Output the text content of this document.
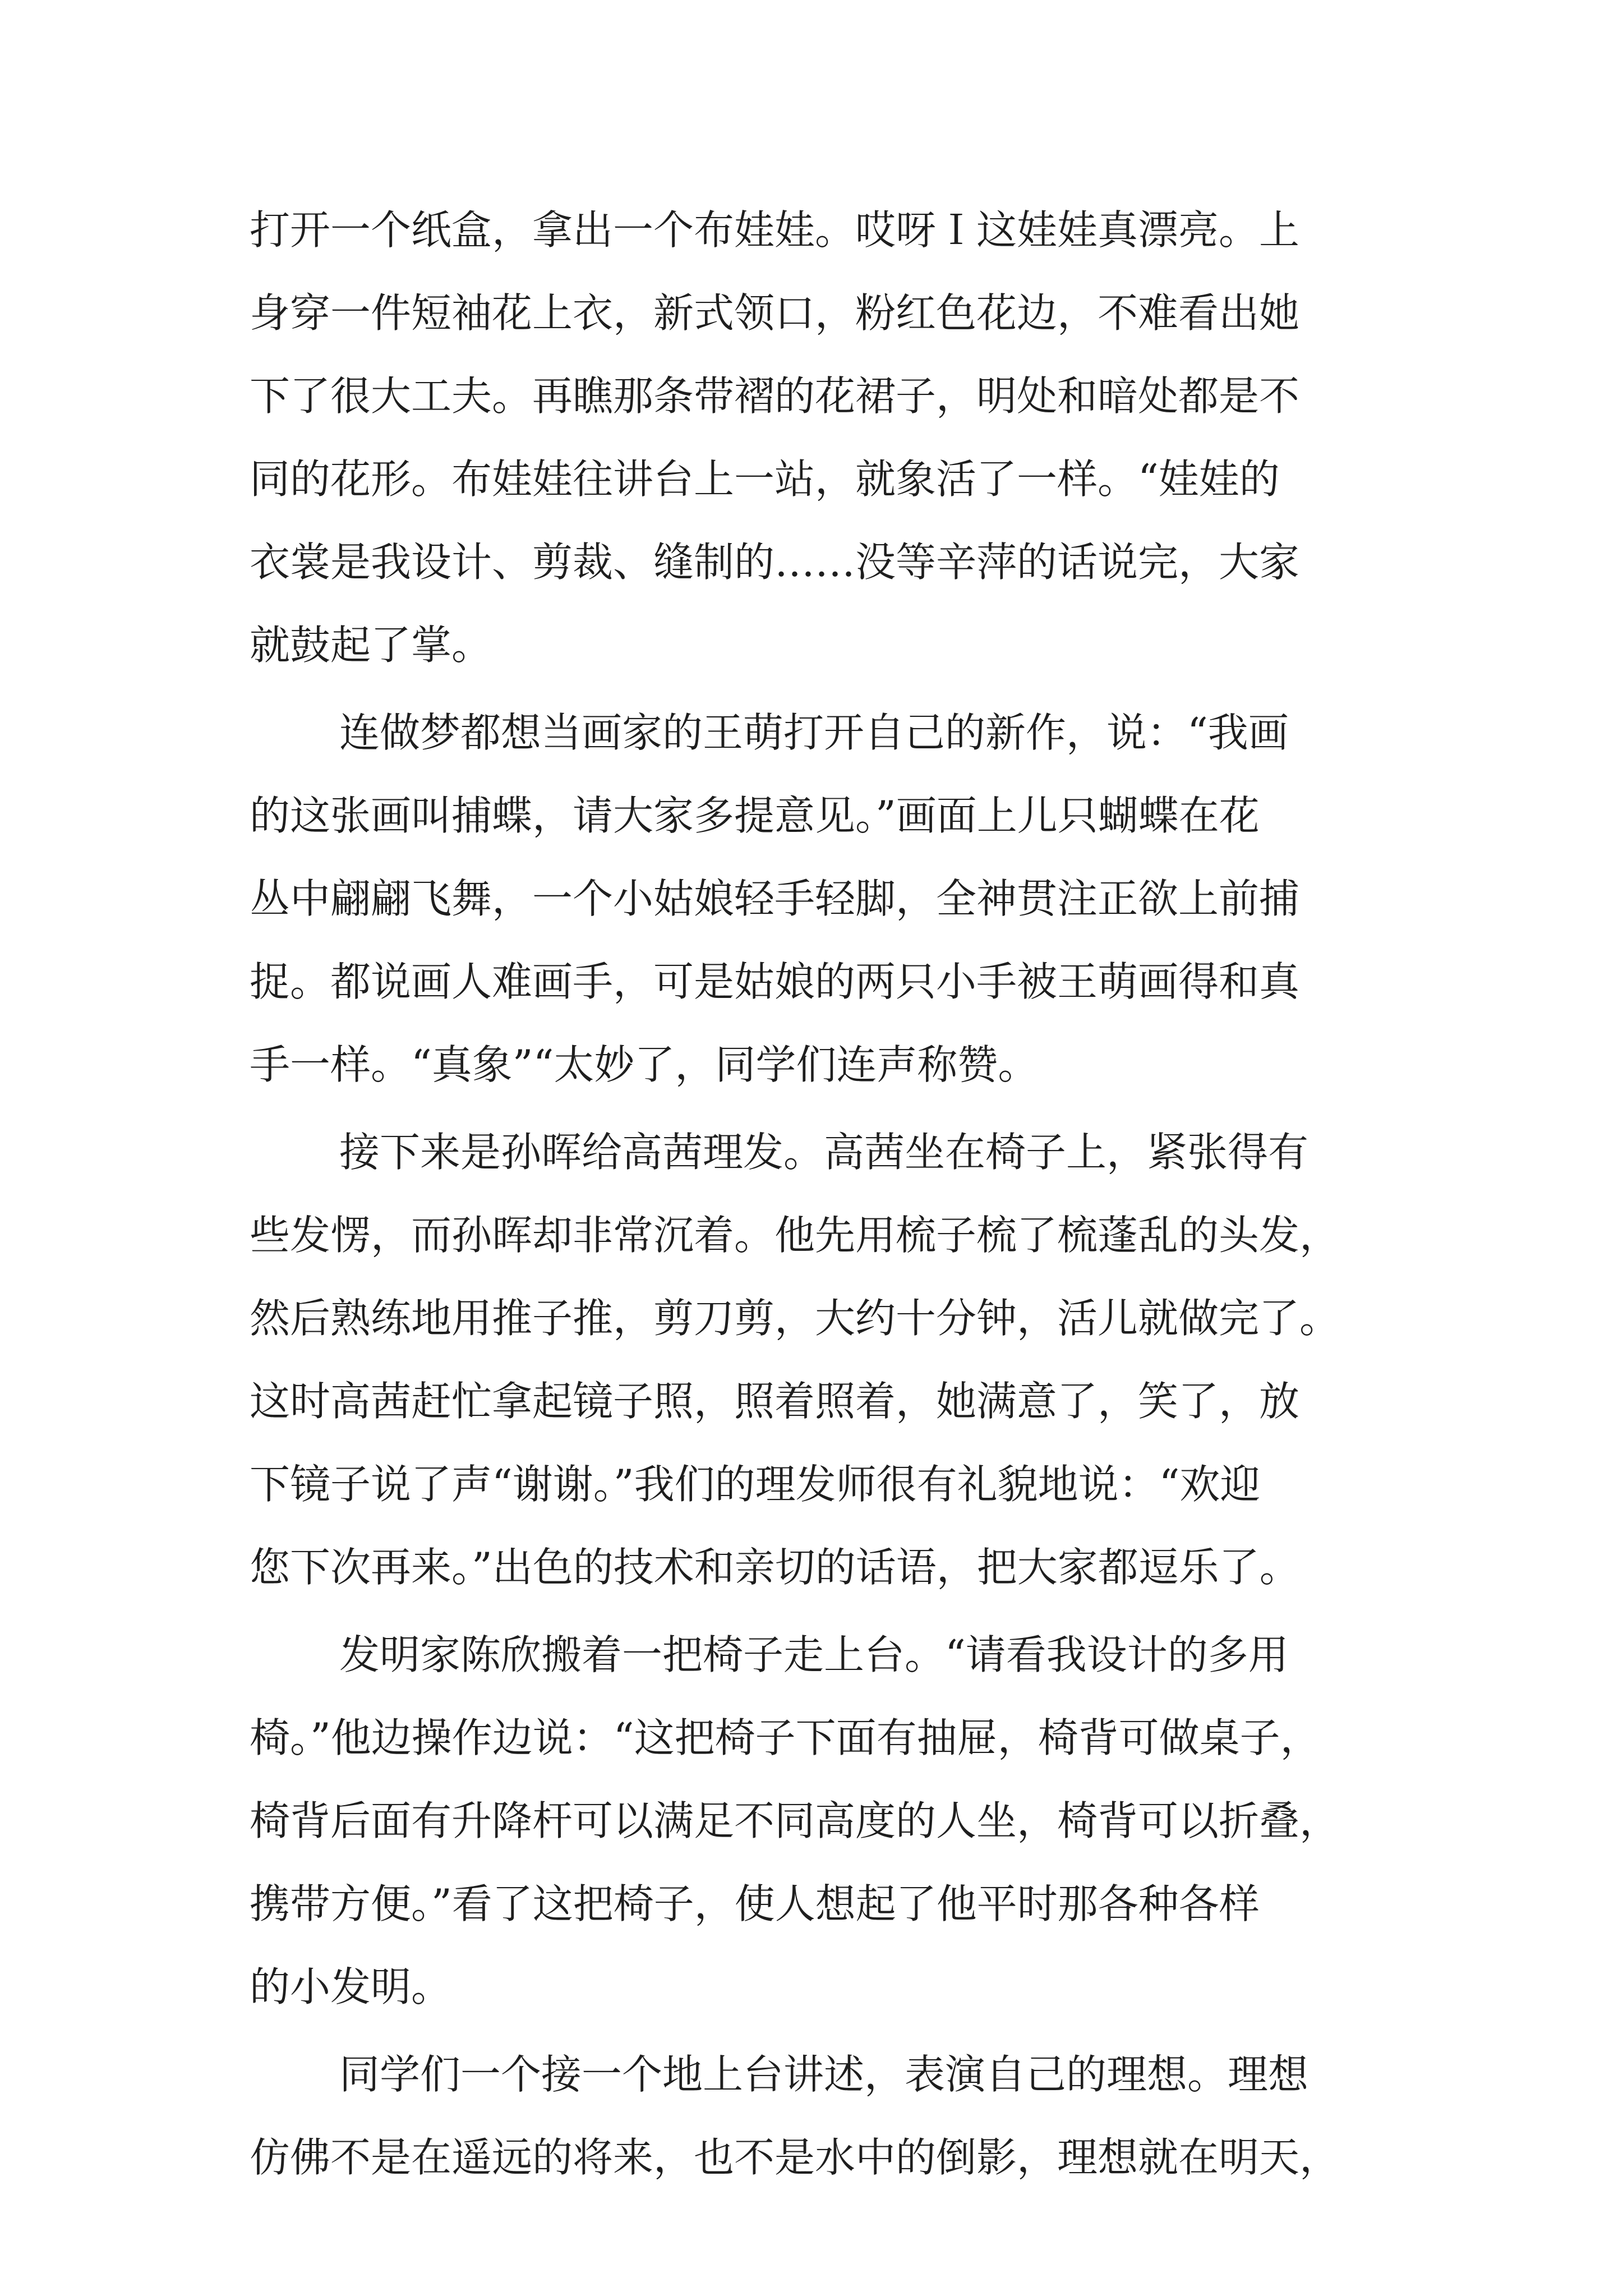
打开一个纸盒，拿出一个布娃娃。哎呀Ｉ这娃娃真漂亮。上
身穿一件短袖花上衣，新式领口，粉红色花边，不难看出她
下了很大工夫。再瞧那条带褶的花裙子，明处和暗处都是不
同的花形。布娃娃往讲台上一站，就象活了一样。“娃娃的
衣裳是我设计、剪裁、缝制的……没等辛萍的话说完，大家
就鼓起了掌。
连做梦都想当画家的王萌打开自己的新作，说：“我画
的这张画叫捕蝶，请大家多提意见。”画面上儿只蝴蝶在花
丛中翩翩飞舞，一个小姑娘轻手轻脚，全神贯注正欲上前捕
捉。都说画人难画手，可是姑娘的两只小手被王萌画得和真
手一样。“真象”“太妙了，同学们连声称赞。
接下来是孙晖给高茜理发。高茜坐在椅子上，紧张得有
些发愣，而孙晖却非常沉着。他先用梳子梳了梳蓬乱的头发，
然后熟练地用推子推，剪刀剪，大约十分钟，活儿就做完了。
这时高茜赶忙拿起镜子照，照着照着，她满意了，笑了，放
下镜子说了声“谢谢。”我们的理发师很有礼貌地说：“欢迎
您下次再来。”出色的技术和亲切的话语，把大家都逗乐了。
发明家陈欣搬着一把椅子走上台。“请看我设计的多用
椅。”他边操作边说：“这把椅子下面有抽屉，椅背可做桌子，
椅背后面有升降杆可以满足不同高度的人坐，椅背可以折叠，
携带方便。”看了这把椅子，使人想起了他平时那各种各样
的小发明。
同学们一个接一个地上台讲述，表演自己的理想。理想
仿佛不是在遥远的将来，也不是水中的倒影，理想就在明天，
